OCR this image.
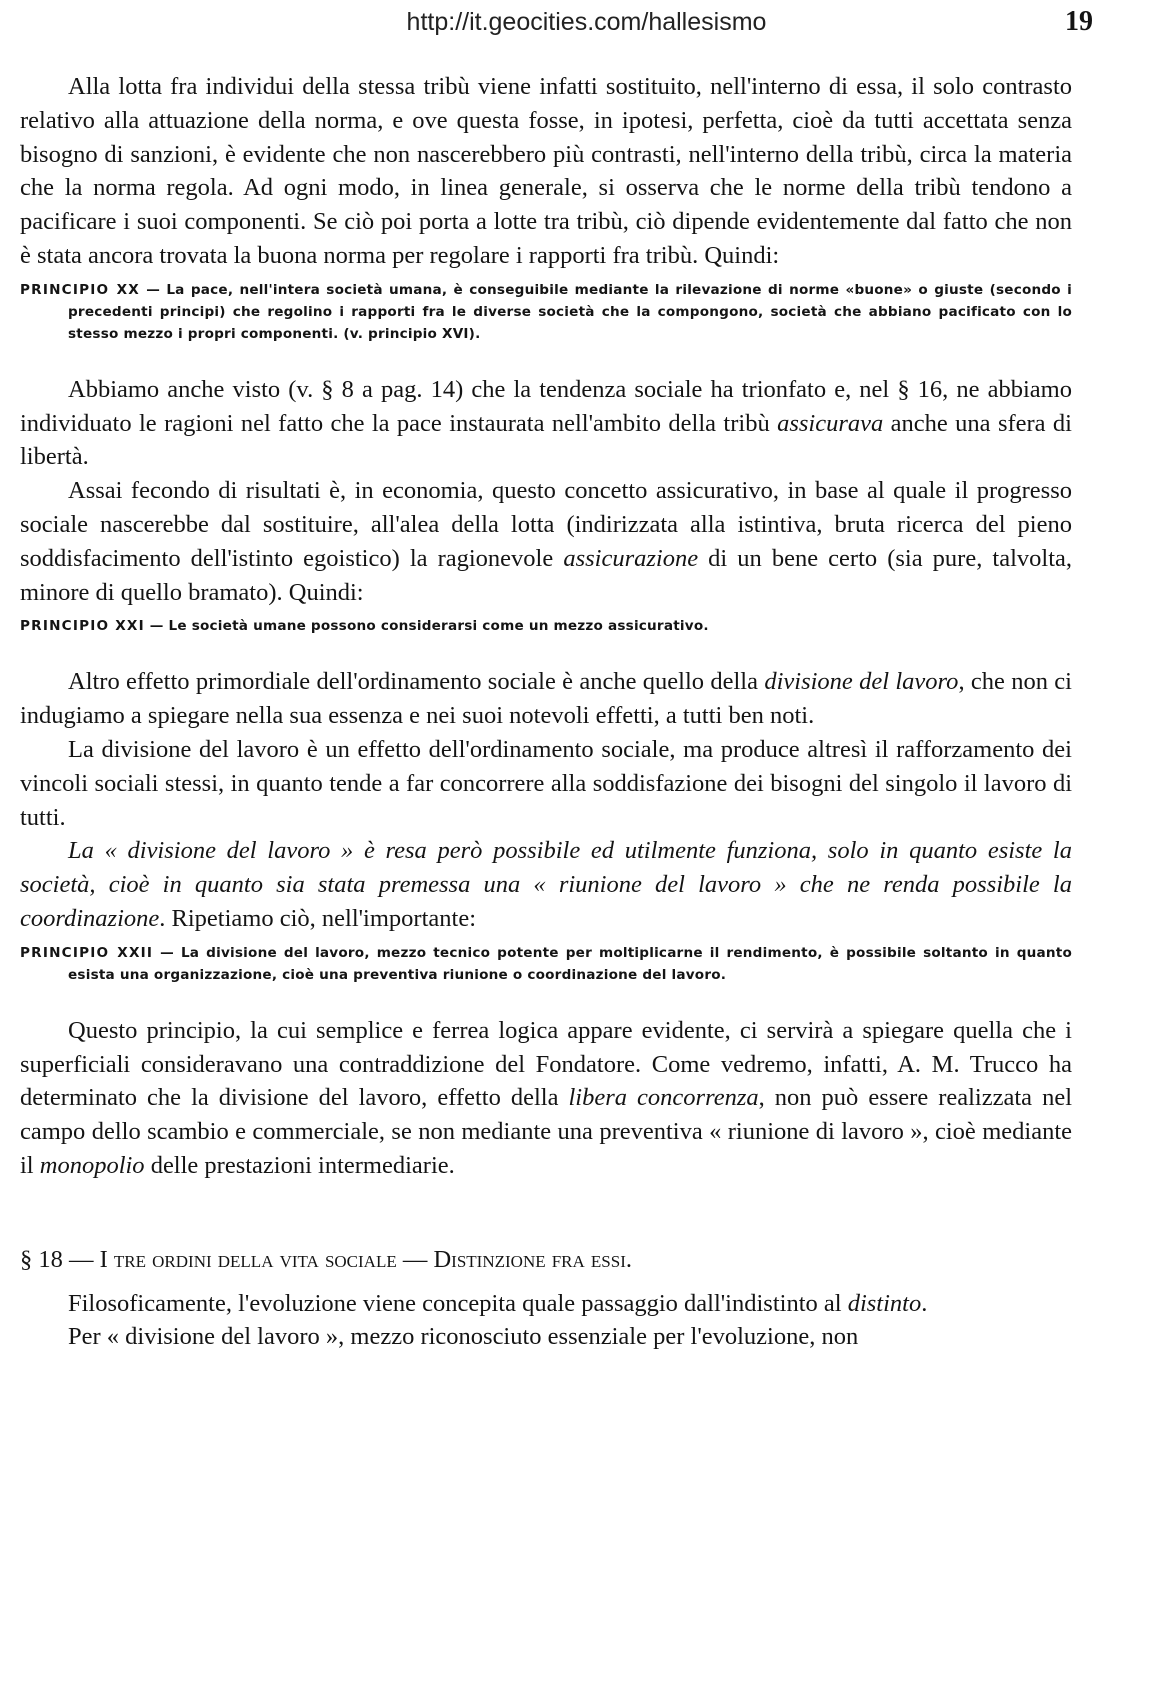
http://it.geocities.com/hallesismo	19

Alla lotta fra individui della stessa tribù viene infatti sostituito, nell'interno di essa, il solo contrasto relativo alla attuazione della norma, e ove questa fosse, in ipotesi, perfetta, cioè da tutti accettata senza bisogno di sanzioni, è evidente che non nascerebbero più contrasti, nell'interno della tribù, circa la materia che la norma regola. Ad ogni modo, in linea generale, si osserva che le norme della tribù tendono a pacificare i suoi componenti. Se ciò poi porta a lotte tra tribù, ciò dipende evidentemente dal fatto che non è stata ancora trovata la buona norma per regolare i rapporti fra tribù. Quindi:

PRINCIPIO XX — La pace, nell'intera società umana, è conseguibile mediante la rilevazione di norme «buone» o giuste (secondo i precedenti principi) che regolino i rapporti fra le diverse società che la compongono, società che abbiano pacificato con lo stesso mezzo i propri componenti. (v. principio XVI).

Abbiamo anche visto (v. § 8 a pag. 14) che la tendenza sociale ha trionfato e, nel § 16, ne abbiamo individuato le ragioni nel fatto che la pace instaurata nell'ambito della tribù assicurava anche una sfera di libertà.

Assai fecondo di risultati è, in economia, questo concetto assicurativo, in base al quale il progresso sociale nascerebbe dal sostituire, all'alea della lotta (indirizzata alla istintiva, bruta ricerca del pieno soddisfacimento dell'istinto egoistico) la ragionevole assicurazione di un bene certo (sia pure, talvolta, minore di quello bramato). Quindi:

PRINCIPIO XXI — Le società umane possono considerarsi come un mezzo assicurativo.

Altro effetto primordiale dell'ordinamento sociale è anche quello della divisione del lavoro, che non ci indugiamo a spiegare nella sua essenza e nei suoi notevoli effetti, a tutti ben noti.

La divisione del lavoro è un effetto dell'ordinamento sociale, ma produce altresì il rafforzamento dei vincoli sociali stessi, in quanto tende a far concorrere alla soddisfazione dei bisogni del singolo il lavoro di tutti.

La « divisione del lavoro » è resa però possibile ed utilmente funziona, solo in quanto esiste la società, cioè in quanto sia stata premessa una « riunione del lavoro » che ne renda possibile la coordinazione. Ripetiamo ciò, nell'importante:

PRINCIPIO XXII — La divisione del lavoro, mezzo tecnico potente per moltiplicarne il rendimento, è possibile soltanto in quanto esista una organizzazione, cioè una preventiva riunione o coordinazione del lavoro.

Questo principio, la cui semplice e ferrea logica appare evidente, ci servirà a spiegare quella che i superficiali consideravano una contraddizione del Fondatore. Come vedremo, infatti, A. M. Trucco ha determinato che la divisione del lavoro, effetto della libera concorrenza, non può essere realizzata nel campo dello scambio e commerciale, se non mediante una preventiva « riunione di lavoro », cioè mediante il monopolio delle prestazioni intermediarie.

§ 18 — I tre ordini della vita sociale — Distinzione fra essi.

Filosoficamente, l'evoluzione viene concepita quale passaggio dall'indistinto al distinto.

Per « divisione del lavoro », mezzo riconosciuto essenziale per l'evoluzione, non
